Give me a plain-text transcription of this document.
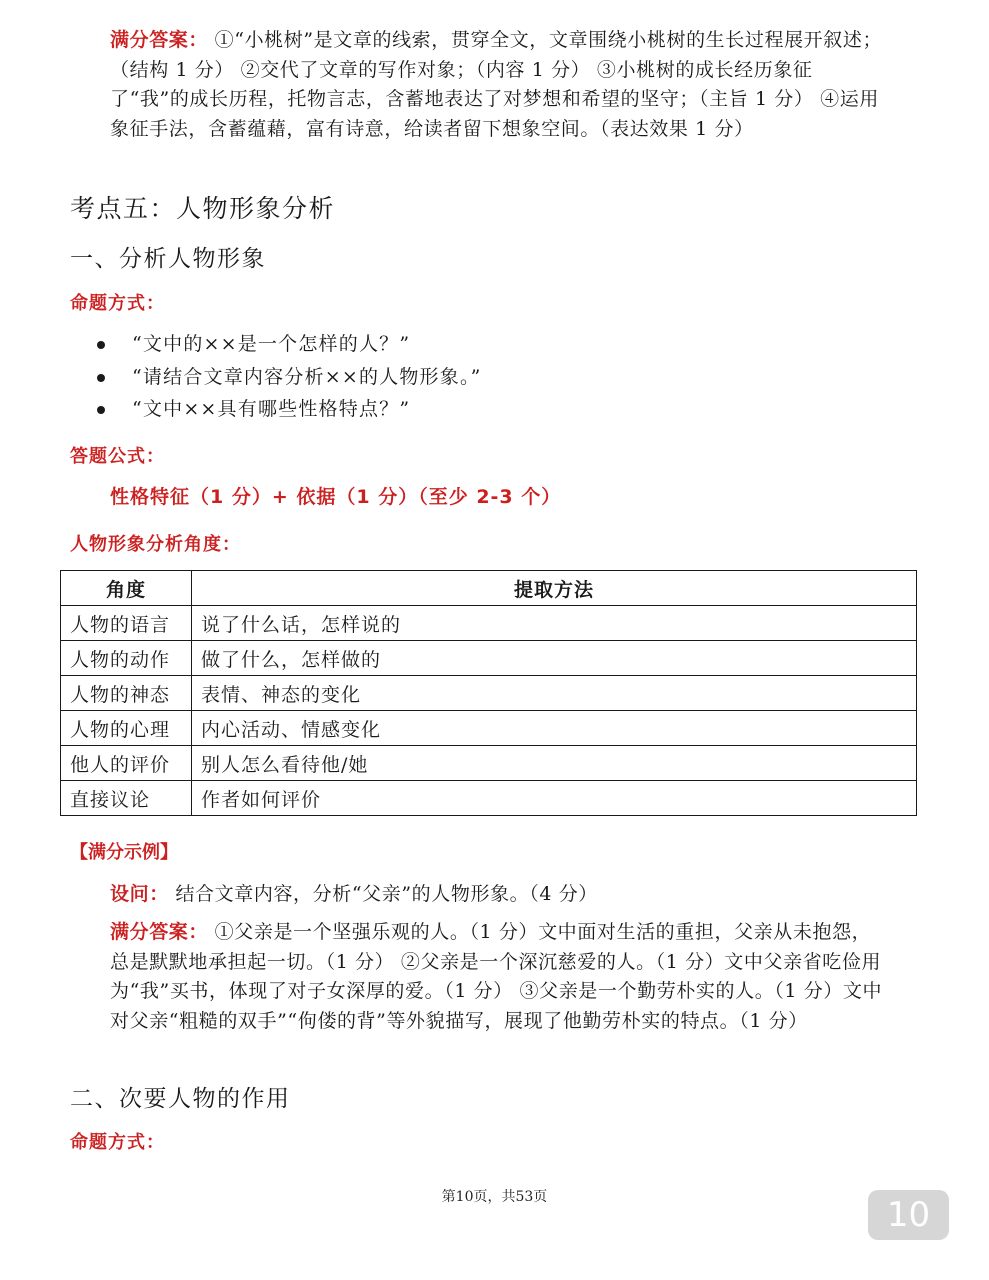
满分答案： ①“小桃树”是文章的线索，贯穿全文，文章围绕小桃树的生长过程展开叙述；（结构 1 分） ②交代了文章的写作对象；（内容 1 分） ③小桃树的成长经历象征了“我”的成长历程，托物言志，含蓄地表达了对梦想和希望的坚守；（主旨 1 分） ④运用象征手法，含蓄蕴藉，富有诗意，给读者留下想象空间。（表达效果 1 分）
考点五：人物形象分析
一、分析人物形象
命题方式：
“文中的××是一个怎样的人？”
“请结合文章内容分析××的人物形象。”
“文中××具有哪些性格特点？”
答题公式：
性格特征（1 分）+ 依据（1 分）（至少 2-3 个）
人物形象分析角度：
角度	提取方法
人物的语言	说了什么话，怎样说的
人物的动作	做了什么，怎样做的
人物的神态	表情、神态的变化
人物的心理	内心活动、情感变化
他人的评价	别人怎么看待他/她
直接议论	作者如何评价
【满分示例】
设问： 结合文章内容，分析“父亲”的人物形象。（4 分）
满分答案： ①父亲是一个坚强乐观的人。（1 分）文中面对生活的重担，父亲从未抱怨，总是默默地承担起一切。（1 分） ②父亲是一个深沉慈爱的人。（1 分）文中父亲省吃俭用为“我”买书，体现了对子女深厚的爱。（1 分） ③父亲是一个勤劳朴实的人。（1 分）文中对父亲“粗糙的双手”“佝偻的背”等外貌描写，展现了他勤劳朴实的特点。（1 分）
二、次要人物的作用
命题方式：
第10页，共53页	10
